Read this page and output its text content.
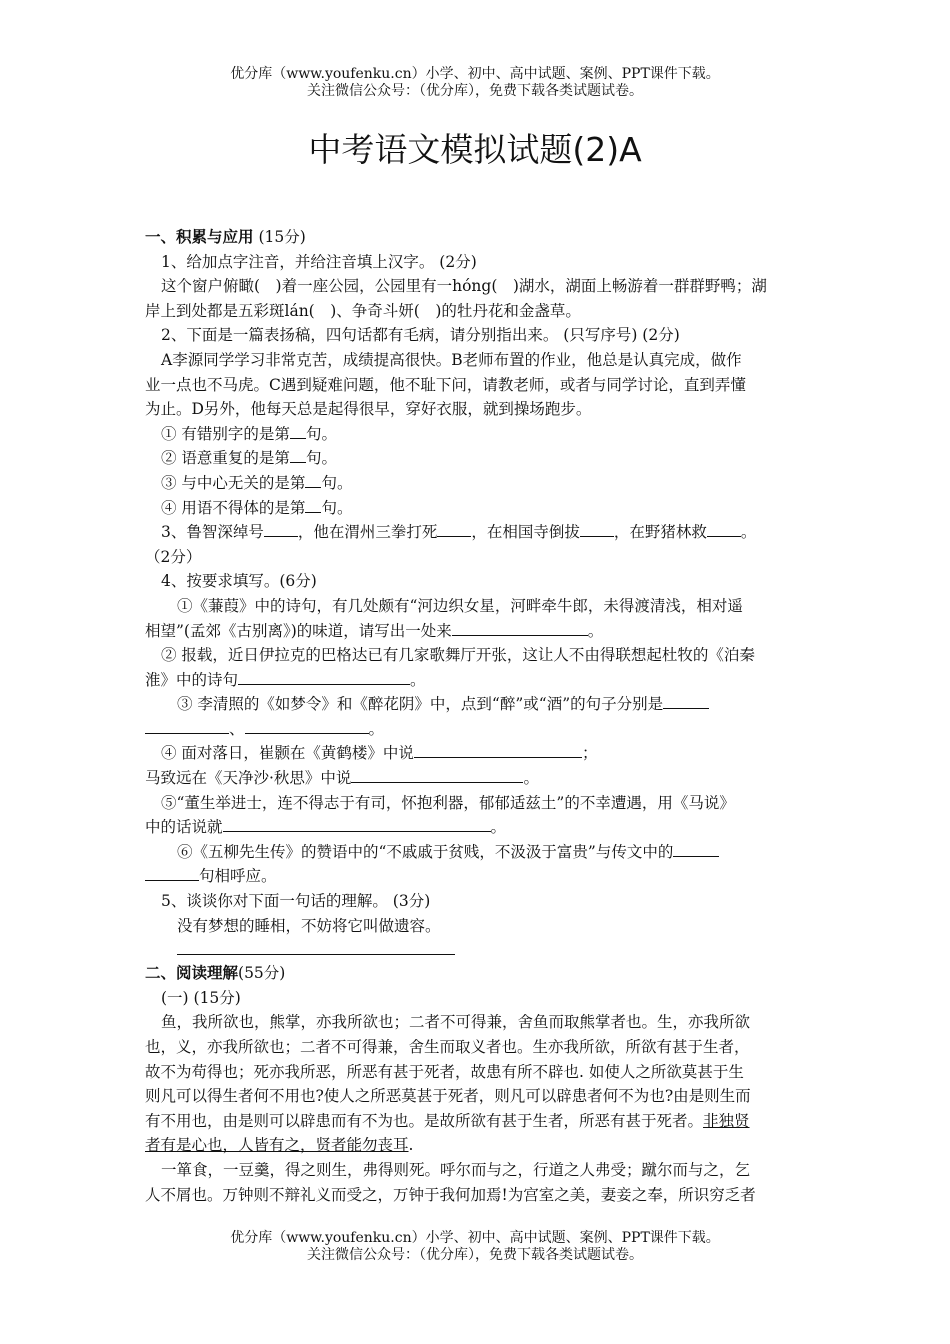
优分库（www.youfenku.cn）小学、初中、高中试题、案例、PPT课件下载。
关注微信公众号：（优分库），免费下载各类试题试卷。
中考语文模拟试题(2)A

一、积累与应用 (15分)

1、给加点字注音，并给注音填上汉字。 (2分)

这个窗户俯瞰(　)着一座公园，公园里有一hóng(　)湖水，湖面上畅游着一群群野鸭；湖

岸上到处都是五彩斑lán(　)、争奇斗妍(　)的牡丹花和金盏草。

2、下面是一篇表扬稿，四句话都有毛病，请分别指出来。 (只写序号) (2分)

A李源同学学习非常克苦，成绩提高很快。B老师布置的作业，他总是认真完成，做作

业一点也不马虎。C遇到疑难问题，他不耻下问，请教老师，或者与同学讨论，直到弄懂

为止。D另外，他每天总是起得很早，穿好衣服，就到操场跑步。

① 有错别字的是第 句。

② 语意重复的是第 句。

③ 与中心无关的是第 句。

④ 用语不得体的是第 句。

3、鲁智深绰号 ，他在渭州三拳打死 ，在相国寺倒拔 ，在野猪林救 。

（2分）

4、按要求填写。(6分)

①《蒹葭》中的诗句，有几处颇有“河边织女星，河畔牵牛郎，未得渡清浅，相对遥

相望”(孟郊《古别离》)的味道，请写出一处来	。

② 报载，近日伊拉克的巴格达已有几家歌舞厅开张，这让人不由得联想起杜牧的《泊秦

淮》中的诗句	。

③ 李清照的《如梦令》和《醉花阴》中，点到“醉”或“酒”的句子分别是

、	。

④ 面对落日，崔颢在《黄鹤楼》中说	；

马致远在《天净沙·秋思》中说	。

⑤“董生举进士，连不得志于有司，怀抱利器，郁郁适兹土”的不幸遭遇，用《马说》

中的话说就	。

⑥《五柳先生传》的赞语中的“不戚戚于贫贱，不汲汲于富贵”与传文中的

句相呼应。

5、谈谈你对下面一句话的理解。 (3分)

没有梦想的睡相，不妨将它叫做遗容。

二、阅读理解(55分)

(一) (15分)

鱼，我所欲也，熊掌，亦我所欲也；二者不可得兼，舍鱼而取熊掌者也。生，亦我所欲

也，义，亦我所欲也；二者不可得兼，舍生而取义者也。生亦我所欲，所欲有甚于生者，

故不为苟得也；死亦我所恶，所恶有甚于死者，故患有所不辟也. 如使人之所欲莫甚于生

则凡可以得生者何不用也?使人之所恶莫甚于死者，则凡可以辟患者何不为也?由是则生而

有不用也，由是则可以辟患而有不为也。是故所欲有甚于生者，所恶有甚于死者。非独贤

者有是心也，人皆有之，贤者能勿丧耳.

一箪食，一豆羹，得之则生，弗得则死。呼尔而与之，行道之人弗受；蹴尔而与之，乞

人不屑也。万钟则不辩礼义而受之，万钟于我何加焉!为宫室之美，妻妾之奉，所识穷乏者

优分库（www.youfenku.cn）小学、初中、高中试题、案例、PPT课件下载。
关注微信公众号：（优分库），免费下载各类试题试卷。
